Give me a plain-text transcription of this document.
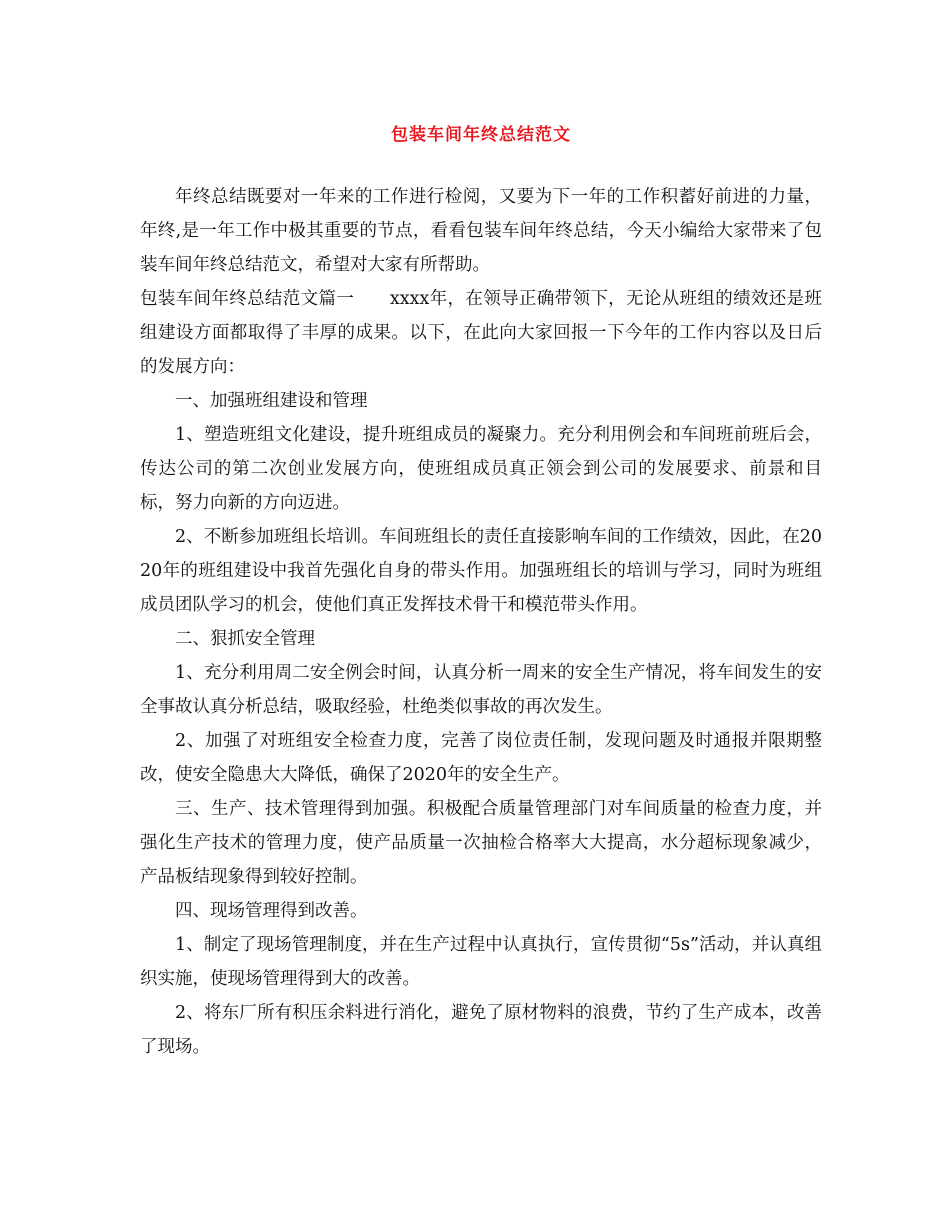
包装车间年终总结范文

年终总结既要对一年来的工作进行检阅，又要为下一年的工作积蓄好前进的力量，年终,是一年工作中极其重要的节点，看看包装车间年终总结，今天小编给大家带来了包装车间年终总结范文，希望对大家有所帮助。

包装车间年终总结范文篇一　　xxxx年，在领导正确带领下，无论从班组的绩效还是班组建设方面都取得了丰厚的成果。以下，在此向大家回报一下今年的工作内容以及日后的发展方向：

一、加强班组建设和管理

1、塑造班组文化建设，提升班组成员的凝聚力。充分利用例会和车间班前班后会，传达公司的第二次创业发展方向，使班组成员真正领会到公司的发展要求、前景和目标，努力向新的方向迈进。

2、不断参加班组长培训。车间班组长的责任直接影响车间的工作绩效，因此，在2020年的班组建设中我首先强化自身的带头作用。加强班组长的培训与学习，同时为班组成员团队学习的机会，使他们真正发挥技术骨干和模范带头作用。

二、狠抓安全管理

1、充分利用周二安全例会时间，认真分析一周来的安全生产情况，将车间发生的安全事故认真分析总结，吸取经验，杜绝类似事故的再次发生。

2、加强了对班组安全检查力度，完善了岗位责任制，发现问题及时通报并限期整改，使安全隐患大大降低，确保了2020年的安全生产。

三、生产、技术管理得到加强。积极配合质量管理部门对车间质量的检查力度，并强化生产技术的管理力度，使产品质量一次抽检合格率大大提高，水分超标现象减少，产品板结现象得到较好控制。

四、现场管理得到改善。

1、制定了现场管理制度，并在生产过程中认真执行，宣传贯彻“5s”活动，并认真组织实施，使现场管理得到大的改善。

2、将东厂所有积压余料进行消化，避免了原材物料的浪费，节约了生产成本，改善了现场。
